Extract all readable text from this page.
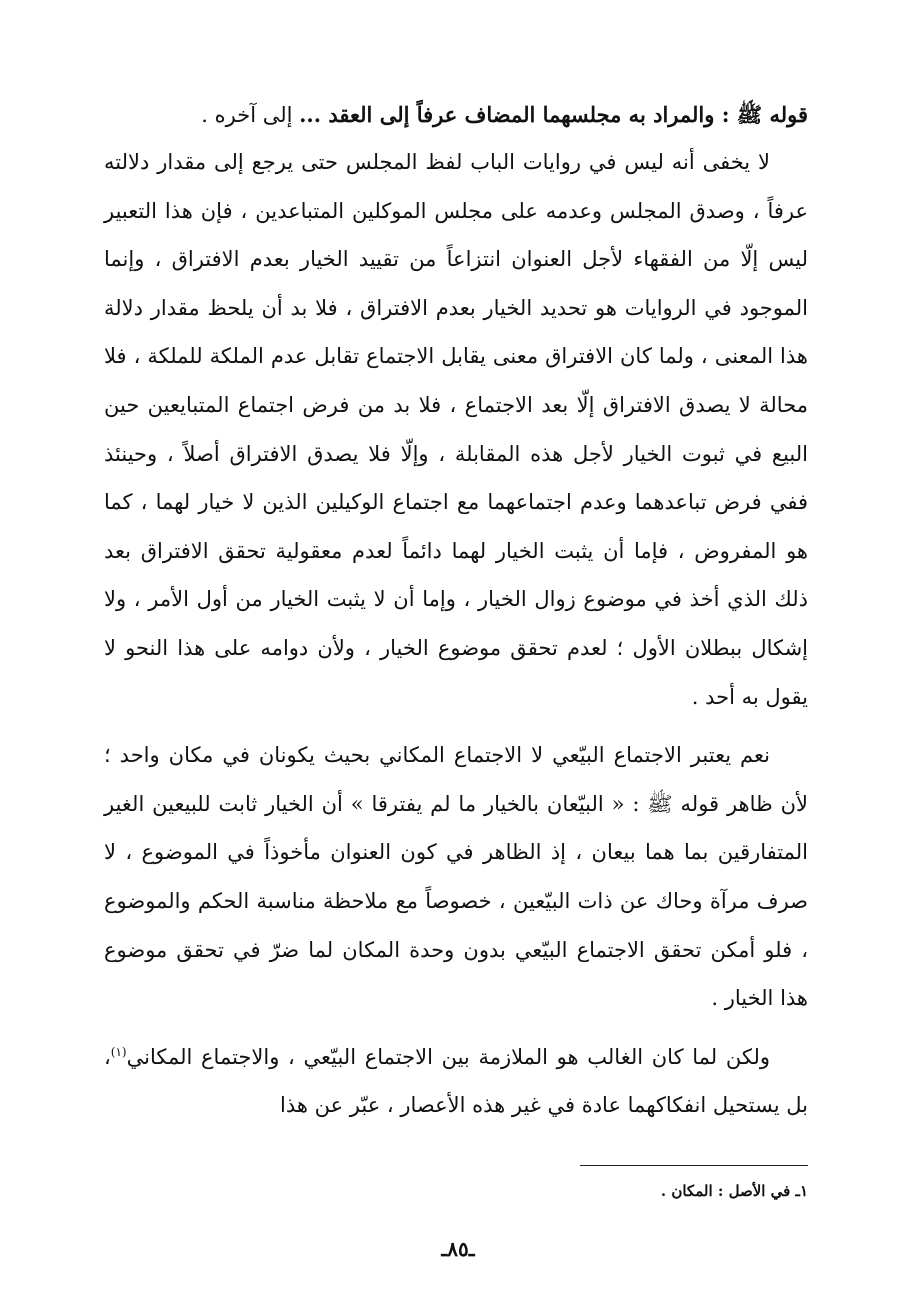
قوله ﷺ : والمراد به مجلسهما المضاف عرفاً إلى العقد ... إلى آخره .

لا يخفى أنه ليس في روايات الباب لفظ المجلس حتى يرجع إلى مقدار دلالته عرفاً ، وصدق المجلس وعدمه على مجلس الموكلين المتباعدين ، فإن هذا التعبير ليس إلّا من الفقهاء لأجل العنوان انتزاعاً من تقييد الخيار بعدم الافتراق ، وإنما الموجود في الروايات هو تحديد الخيار بعدم الافتراق ، فلا بد أن يلحظ مقدار دلالة هذا المعنى ، ولما كان الافتراق معنى يقابل الاجتماع تقابل عدم الملكة للملكة ، فلا محالة لا يصدق الافتراق إلّا بعد الاجتماع ، فلا بد من فرض اجتماع المتبايعين حين البيع في ثبوت الخيار لأجل هذه المقابلة ، وإلّا فلا يصدق الافتراق أصلاً ، وحينئذ ففي فرض تباعدهما وعدم اجتماعهما مع اجتماع الوكيلين الذين لا خيار لهما ، كما هو المفروض ، فإما أن يثبت الخيار لهما دائماً لعدم معقولية تحقق الافتراق بعد ذلك الذي أخذ في موضوع زوال الخيار ، وإما أن لا يثبت الخيار من أول الأمر ، ولا إشكال ببطلان الأول ؛ لعدم تحقق موضوع الخيار ، ولأن دوامه على هذا النحو لا يقول به أحد .

نعم يعتبر الاجتماع البيّعي لا الاجتماع المكاني بحيث يكونان في مكان واحد ؛ لأن ظاهر قوله ﷺ : « البيّعان بالخيار ما لم يفترقا » أن الخيار ثابت للبيعين الغير المتفارقين بما هما بيعان ، إذ الظاهر في كون العنوان مأخوذاً في الموضوع ، لا صرف مرآة وحاك عن ذات البيّعين ، خصوصاً مع ملاحظة مناسبة الحكم والموضوع ، فلو أمكن تحقق الاجتماع البيّعي بدون وحدة المكان لما ضرّ في تحقق موضوع هذا الخيار .

ولكن لما كان الغالب هو الملازمة بين الاجتماع البيّعي ، والاجتماع المكاني$^{(١)}$، بل يستحيل انفكاكهما عادة في غير هذه الأعصار ، عبّر عن هذا

١ـ في الأصل : المكان .
ـ٨٥ـ
